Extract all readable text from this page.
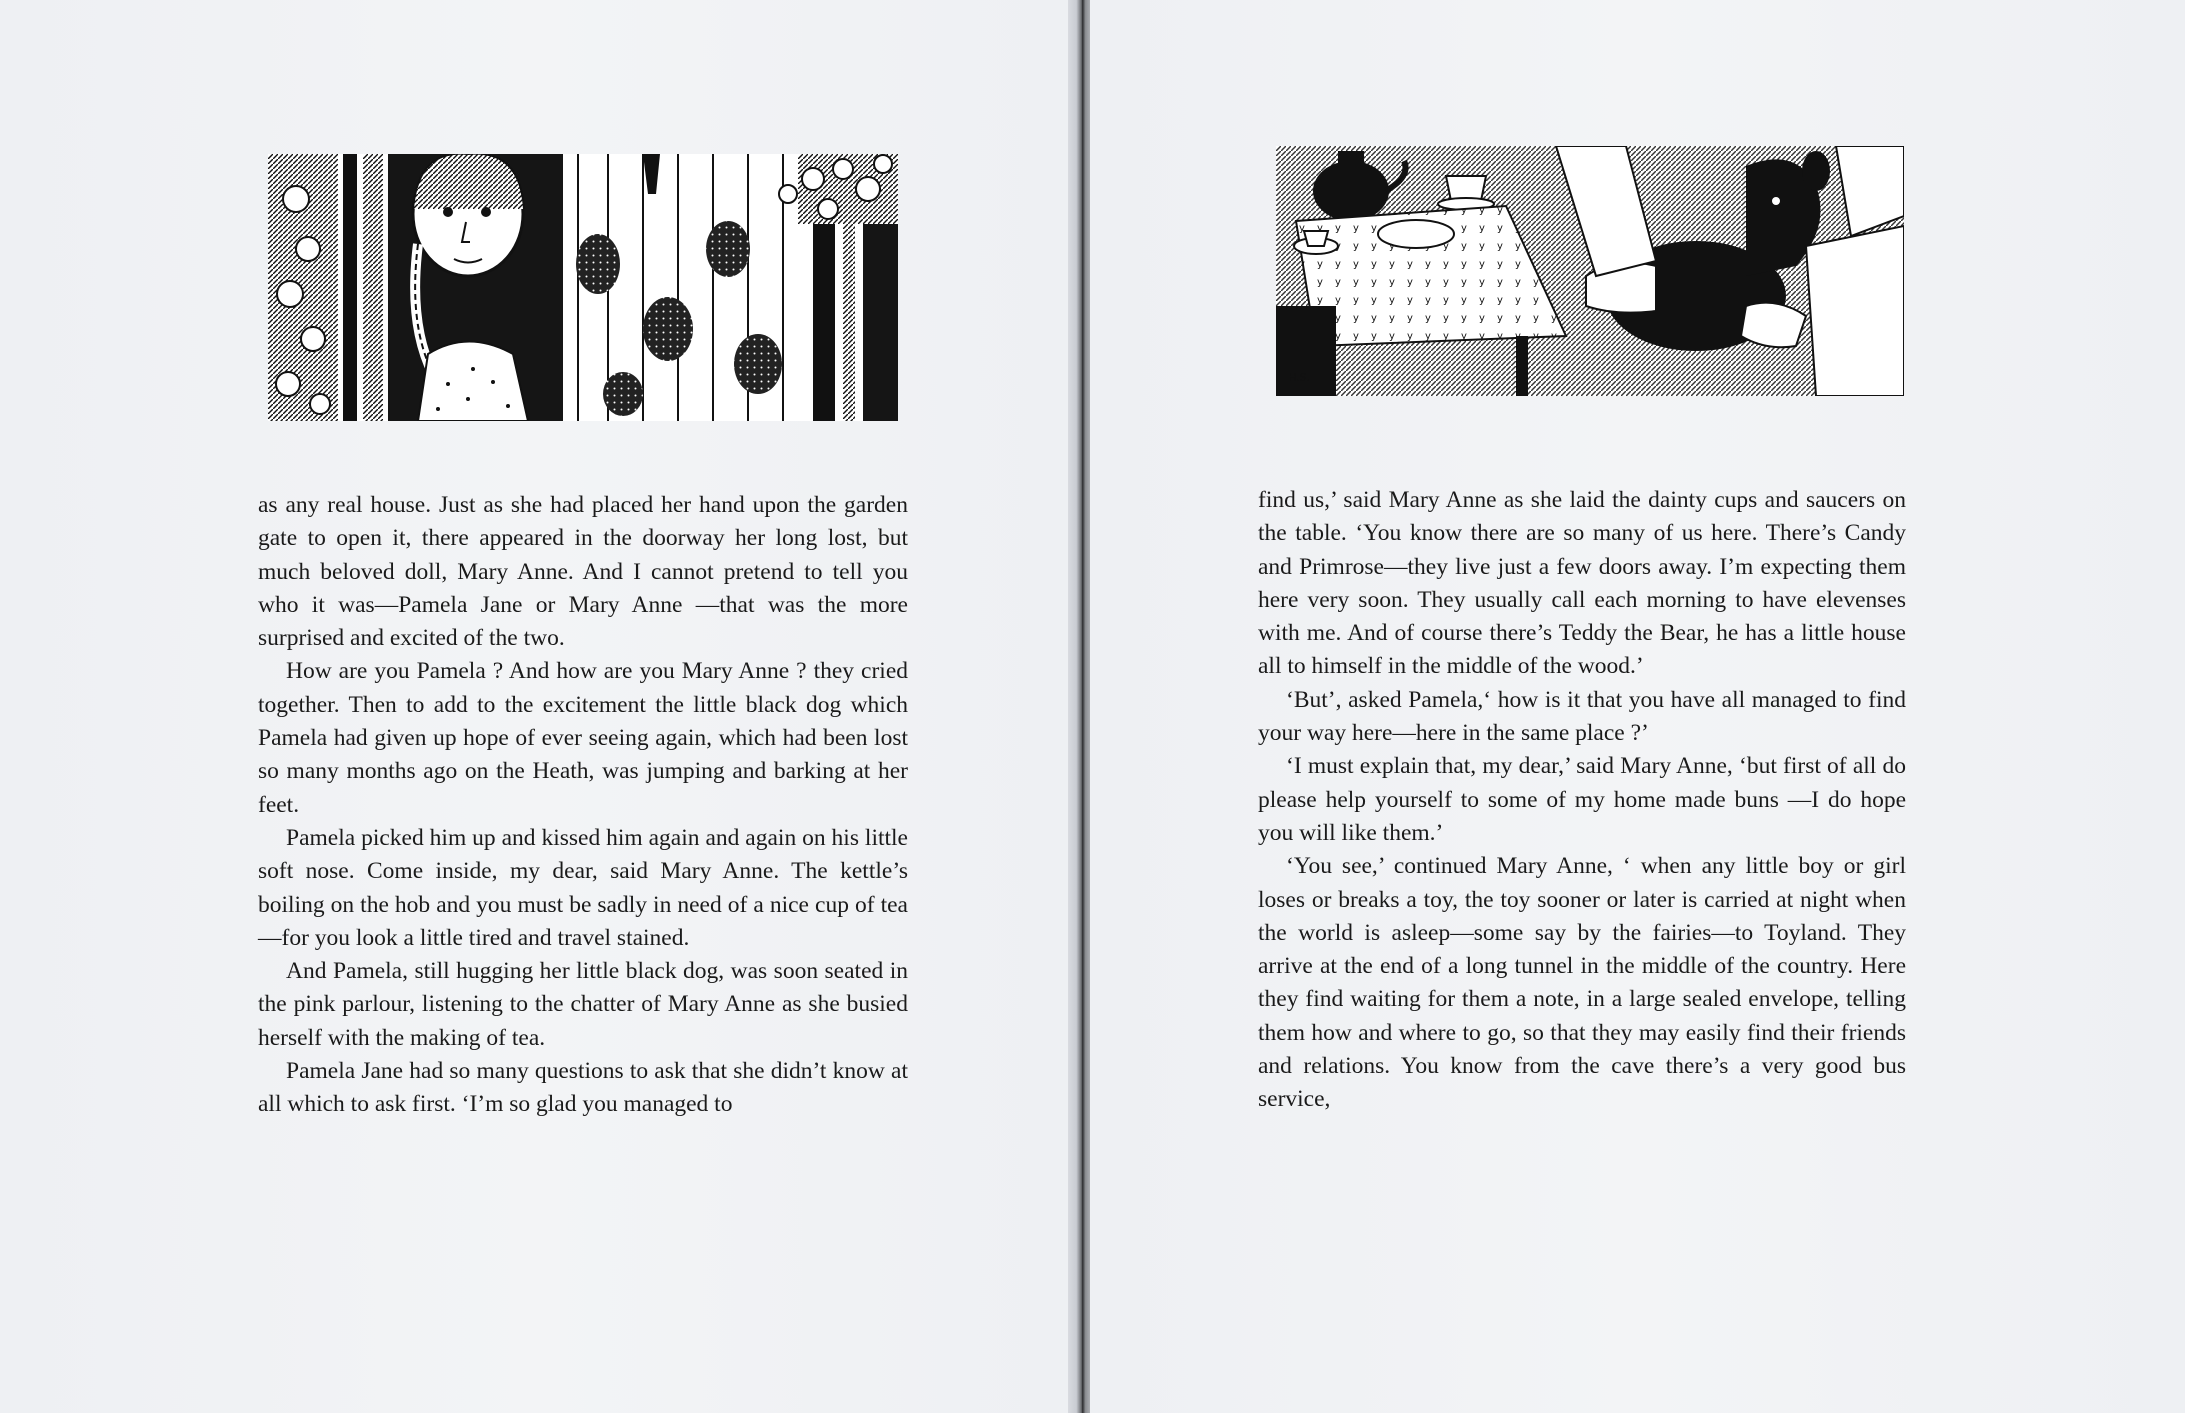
as any real house. Just as she had placed her hand upon the garden gate to open it, there appeared in the doorway her long lost, but much beloved doll, Mary Anne. And I cannot pretend to tell you who it was—Pamela Jane or Mary Anne —that was the more surprised and excited of the two.

How are you Pamela ? And how are you Mary Anne ? they cried together. Then to add to the excitement the little black dog which Pamela had given up hope of ever seeing again, which had been lost so many months ago on the Heath, was jumping and barking at her feet.

Pamela picked him up and kissed him again and again on his little soft nose. Come inside, my dear, said Mary Anne. The kettle’s boiling on the hob and you must be sadly in need of a nice cup of tea—for you look a little tired and travel stained.

And Pamela, still hugging her little black dog, was soon seated in the pink parlour, listening to the chatter of Mary Anne as she busied herself with the making of tea.

Pamela Jane had so many questions to ask that she didn’t know at all which to ask first. ‘I’m so glad you managed to

H.S.

find us,’ said Mary Anne as she laid the dainty cups and saucers on the table. ‘You know there are so many of us here. There’s Candy and Primrose—they live just a few doors away. I’m expecting them here very soon. They usually call each morning to have elevenses with me. And of course there’s Teddy the Bear, he has a little house all to himself in the middle of the wood.’

‘But’, asked Pamela,‘ how is it that you have all managed to find your way here—here in the same place ?’

‘I must explain that, my dear,’ said Mary Anne, ‘but first of all do please help yourself to some of my home made buns —I do hope you will like them.’

‘You see,’ continued Mary Anne, ‘ when any little boy or girl loses or breaks a toy, the toy sooner or later is carried at night when the world is asleep—some say by the fairies—to Toyland. They arrive at the end of a long tunnel in the middle of the country. Here they find waiting for them a note, in a large sealed envelope, telling them how and where to go, so that they may easily find their friends and relations. You know from the cave there’s a very good bus service,
